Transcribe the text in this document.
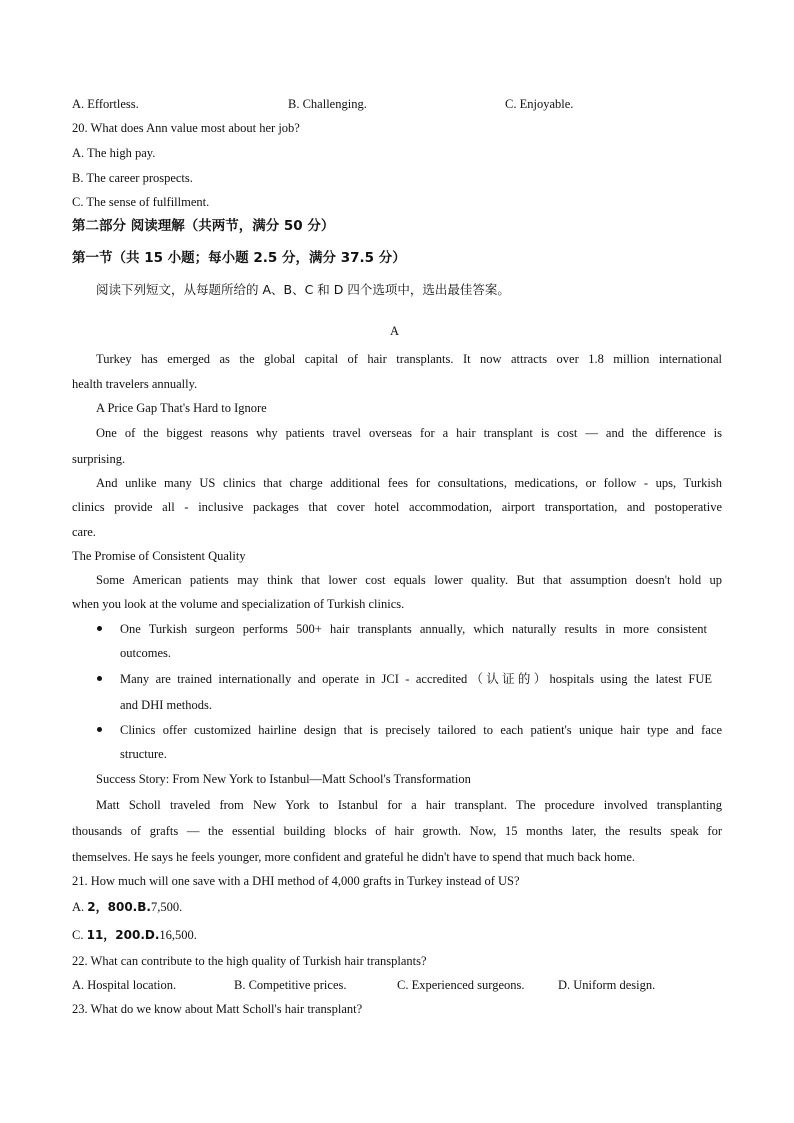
A. Effortless.	B. Challenging.	C. Enjoyable.
20. What does Ann value most about her job?
A. The high pay.
B. The career prospects.
C. The sense of fulfillment.
第二部分 阅读理解（共两节，满分 50 分）
第一节（共 15 小题；每小题 2.5 分，满分 37.5 分）
阅读下列短文，从每题所给的 A、B、C 和 D 四个选项中，选出最佳答案。
A
Turkey has emerged as the global capital of hair transplants. It now attracts over 1.8 million international
health travelers annually.
A Price Gap That's Hard to Ignore
One of the biggest reasons why patients travel overseas for a hair transplant is cost — and the difference is
surprising.
And unlike many US clinics that charge additional fees for consultations, medications, or follow - ups, Turkish
clinics provide all - inclusive packages that cover hotel accommodation, airport transportation, and postoperative
care.
The Promise of Consistent Quality
Some American patients may think that lower cost equals lower quality. But that assumption doesn't hold up
when you look at the volume and specialization of Turkish clinics.
One Turkish surgeon performs 500+ hair transplants annually, which naturally results in more consistent
outcomes.
Many are trained internationally and operate in JCI - accredited（认证的）hospitals using the latest FUE
and DHI methods.
Clinics offer customized hairline design that is precisely tailored to each patient's unique hair type and face
structure.
Success Story: From New York to Istanbul—Matt School's Transformation
Matt Scholl traveled from New York to Istanbul for a hair transplant. The procedure involved transplanting
thousands of grafts — the essential building blocks of hair growth. Now, 15 months later, the results speak for
themselves. He says he feels younger, more confident and grateful he didn't have to spend that much back home.
21. How much will one save with a DHI method of 4,000 grafts in Turkey instead of US?
A. 2，800.B.7,500.
C. 11，200.D.16,500.
22. What can contribute to the high quality of Turkish hair transplants?
A. Hospital location.	B. Competitive prices.	C. Experienced surgeons.	D. Uniform design.
23. What do we know about Matt Scholl's hair transplant?
